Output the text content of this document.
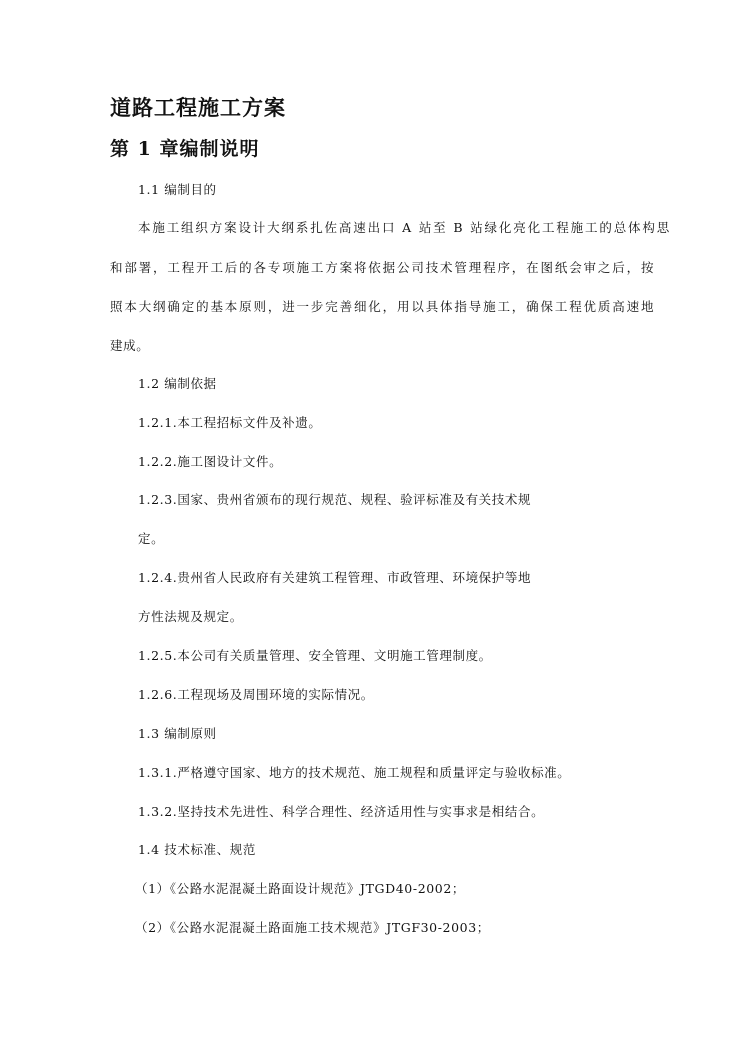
道路工程施工方案
第 1 章编制说明
1.1 编制目的
本施工组织方案设计大纲系扎佐高速出口 A 站至 B 站绿化亮化工程施工的总体构思
和部署，工程开工后的各专项施工方案将依据公司技术管理程序，在图纸会审之后，按
照本大纲确定的基本原则，进一步完善细化，用以具体指导施工，确保工程优质高速地
建成。
1.2 编制依据
1.2.1.本工程招标文件及补遗。
1.2.2.施工图设计文件。
1.2.3.国家、贵州省颁布的现行规范、规程、验评标准及有关技术规
定。
1.2.4.贵州省人民政府有关建筑工程管理、市政管理、环境保护等地
方性法规及规定。
1.2.5.本公司有关质量管理、安全管理、文明施工管理制度。
1.2.6.工程现场及周围环境的实际情况。
1.3 编制原则
1.3.1.严格遵守国家、地方的技术规范、施工规程和质量评定与验收标准。
1.3.2.坚持技术先进性、科学合理性、经济适用性与实事求是相结合。
1.4 技术标准、规范
（1）《公路水泥混凝土路面设计规范》JTGD40-2002；
（2）《公路水泥混凝土路面施工技术规范》JTGF30-2003；
